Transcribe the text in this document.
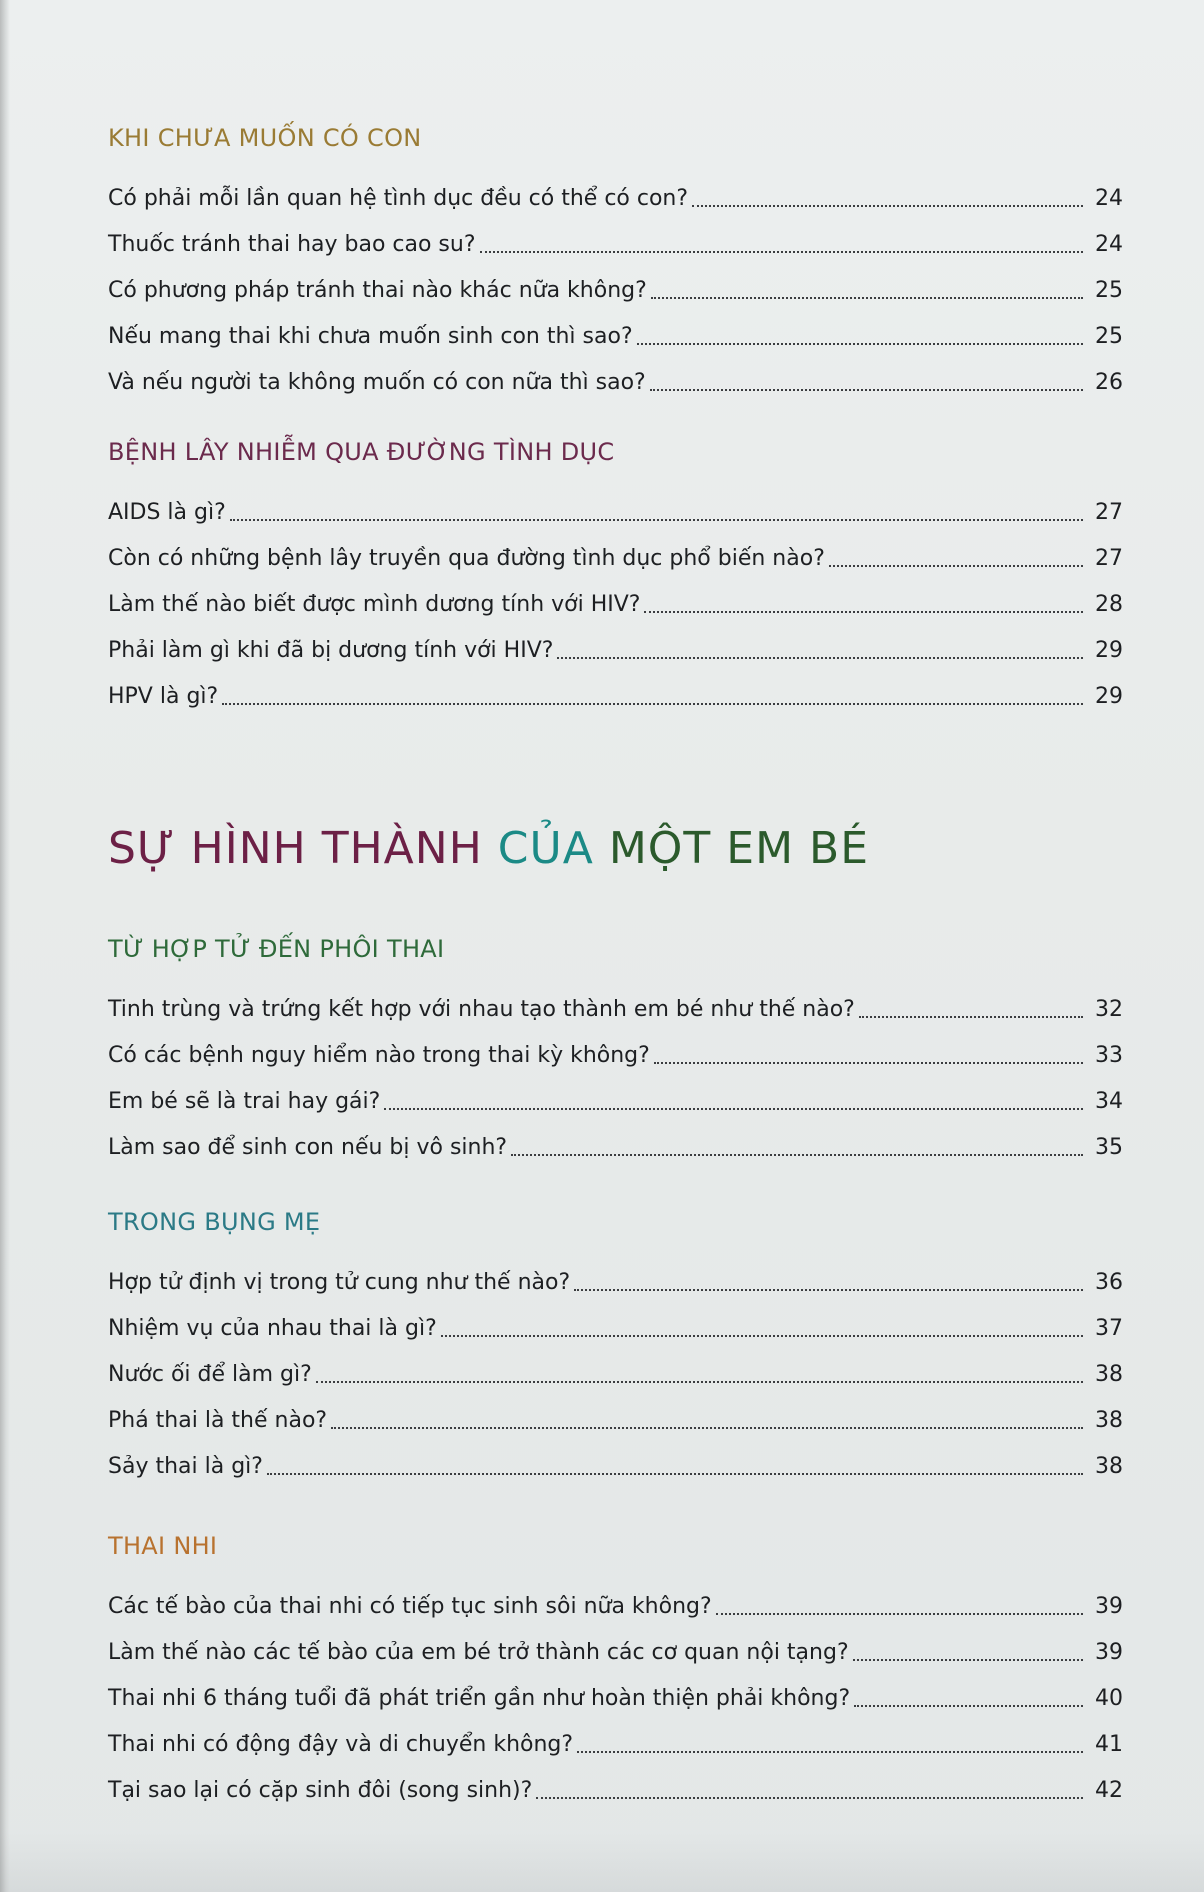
KHI CHƯA MUỐN CÓ CON
Có phải mỗi lần quan hệ tình dục đều có thể có con?	24
Thuốc tránh thai hay bao cao su?	24
Có phương pháp tránh thai nào khác nữa không?	25
Nếu mang thai khi chưa muốn sinh con thì sao?	25
Và nếu người ta không muốn có con nữa thì sao?	26
BỆNH LÂY NHIỄM QUA ĐƯỜNG TÌNH DỤC
AIDS là gì?	27
Còn có những bệnh lây truyền qua đường tình dục phổ biến nào?	27
Làm thế nào biết được mình dương tính với HIV?	28
Phải làm gì khi đã bị dương tính với HIV?	29
HPV là gì?	29
SỰ HÌNH THÀNH CỦA MỘT EM BÉ
TỪ HỢP TỬ ĐẾN PHÔI THAI
Tinh trùng và trứng kết hợp với nhau tạo thành em bé như thế nào?	32
Có các bệnh nguy hiểm nào trong thai kỳ không?	33
Em bé sẽ là trai hay gái?	34
Làm sao để sinh con nếu bị vô sinh?	35
TRONG BỤNG MẸ
Hợp tử định vị trong tử cung như thế nào?	36
Nhiệm vụ của nhau thai là gì?	37
Nước ối để làm gì?	38
Phá thai là thế nào?	38
Sảy thai là gì?	38
THAI NHI
Các tế bào của thai nhi có tiếp tục sinh sôi nữa không?	39
Làm thế nào các tế bào của em bé trở thành các cơ quan nội tạng?	39
Thai nhi 6 tháng tuổi đã phát triển gần như hoàn thiện phải không?	40
Thai nhi có động đậy và di chuyển không?	41
Tại sao lại có cặp sinh đôi (song sinh)?	42
